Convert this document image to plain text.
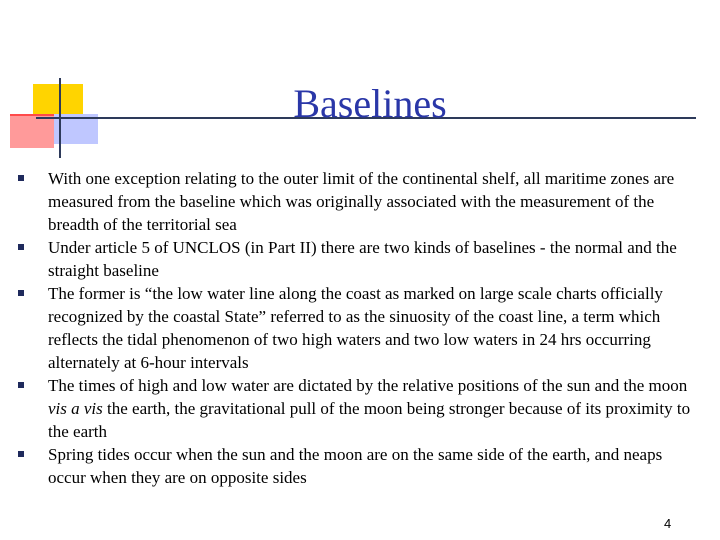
Baselines
With one exception relating to the outer limit of the continental shelf, all maritime zones are measured from the baseline which was originally associated with the measurement of the breadth of the territorial sea
Under article 5 of UNCLOS (in Part II) there are two kinds of baselines - the normal and the straight baseline
The former is “the low water line along the coast as marked on large scale charts officially recognized by the coastal State” referred to as the sinuosity of the coast line, a term which reflects the tidal phenomenon of two high waters and two low waters in 24 hrs occurring alternately at 6-hour intervals
The times of high and low water are dictated by the relative positions of the sun and the moon vis a vis the earth, the gravitational pull of the moon being stronger because of its proximity to the earth
Spring tides occur when the sun and the moon are on the same side of the earth, and neaps occur when they are on opposite sides
4
